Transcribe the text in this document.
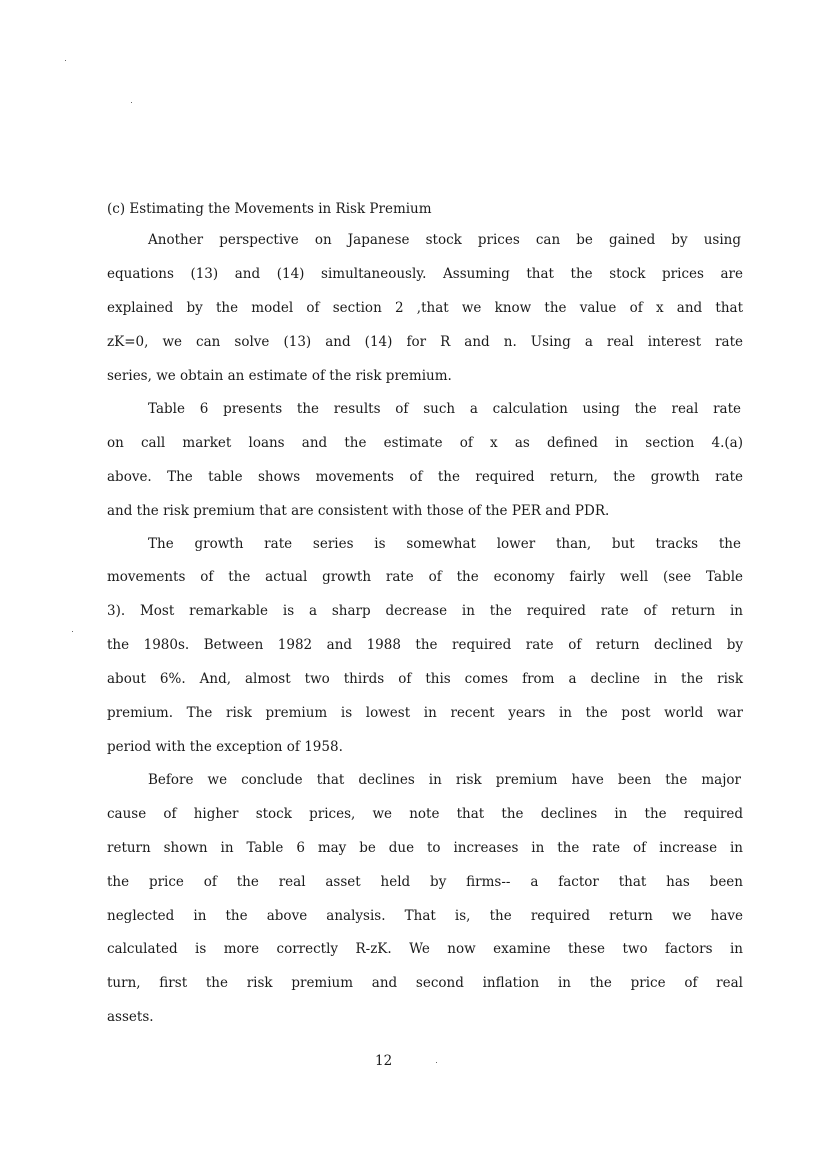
(c) Estimating the Movements in Risk Premium
Another perspective on Japanese stock prices can be gained by using
equations (13) and (14) simultaneously. Assuming that the stock prices are
explained by the model of section 2 ,that we know the value of x and that
zK=0, we can solve (13) and (14) for R and n. Using a real interest rate
series, we obtain an estimate of the risk premium.
Table 6 presents the results of such a calculation using the real rate
on call market loans and the estimate of x as defined in section 4.(a)
above. The table shows movements of the required return, the growth rate
and the risk premium that are consistent with those of the PER and PDR.
The growth rate series is somewhat lower than, but tracks the
movements of the actual growth rate of the economy fairly well (see Table
3). Most remarkable is a sharp decrease in the required rate of return in
the 1980s. Between 1982 and 1988 the required rate of return declined by
about 6%. And, almost two thirds of this comes from a decline in the risk
premium. The risk premium is lowest in recent years in the post world war
period with the exception of 1958.
Before we conclude that declines in risk premium have been the major
cause of higher stock prices, we note that the declines in the required
return shown in Table 6 may be due to increases in the rate of increase in
the price of the real asset held by firms-- a factor that has been
neglected in the above analysis. That is, the required return we have
calculated is more correctly R-zK. We now examine these two factors in
turn, first the risk premium and second inflation in the price of real
assets.
12
